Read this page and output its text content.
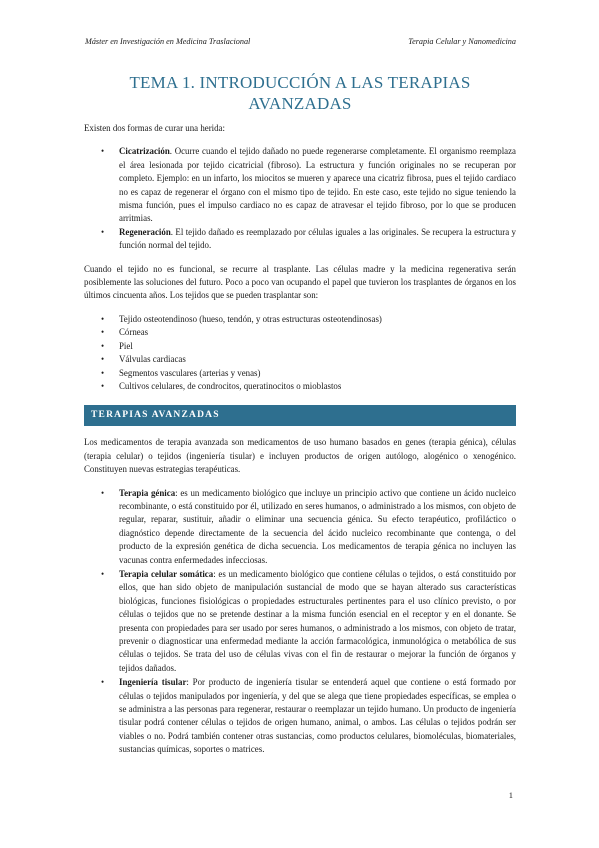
Máster en Investigación en Medicina Traslacional	Terapia Celular y Nanomedicina
TEMA 1. INTRODUCCIÓN A LAS TERAPIAS AVANZADAS

Existen dos formas de curar una herida:

• Cicatrización. Ocurre cuando el tejido dañado no puede regenerarse completamente. El organismo reemplaza el área lesionada por tejido cicatricial (fibroso). La estructura y función originales no se recuperan por completo. Ejemplo: en un infarto, los miocitos se mueren y aparece una cicatriz fibrosa, pues el tejido cardiaco no es capaz de regenerar el órgano con el mismo tipo de tejido. En este caso, este tejido no sigue teniendo la misma función, pues el impulso cardiaco no es capaz de atravesar el tejido fibroso, por lo que se producen arritmias.
• Regeneración. El tejido dañado es reemplazado por células iguales a las originales. Se recupera la estructura y función normal del tejido.

Cuando el tejido no es funcional, se recurre al trasplante. Las células madre y la medicina regenerativa serán posiblemente las soluciones del futuro. Poco a poco van ocupando el papel que tuvieron los trasplantes de órganos en los últimos cincuenta años. Los tejidos que se pueden trasplantar son:

• Tejido osteotendinoso (hueso, tendón, y otras estructuras osteotendinosas)
• Córneas
• Piel
• Válvulas cardiacas
• Segmentos vasculares (arterias y venas)
• Cultivos celulares, de condrocitos, queratinocitos o mioblastos
TERAPIAS AVANZADAS

Los medicamentos de terapia avanzada son medicamentos de uso humano basados en genes (terapia génica), células (terapia celular) o tejidos (ingeniería tisular) e incluyen productos de origen autólogo, alogénico o xenogénico. Constituyen nuevas estrategias terapéuticas.

• Terapia génica: es un medicamento biológico que incluye un principio activo que contiene un ácido nucleico recombinante, o está constituido por él, utilizado en seres humanos, o administrado a los mismos, con objeto de regular, reparar, sustituir, añadir o eliminar una secuencia génica. Su efecto terapéutico, profiláctico o diagnóstico depende directamente de la secuencia del ácido nucleico recombinante que contenga, o del producto de la expresión genética de dicha secuencia. Los medicamentos de terapia génica no incluyen las vacunas contra enfermedades infecciosas.
• Terapia celular somática: es un medicamento biológico que contiene células o tejidos, o está constituido por ellos, que han sido objeto de manipulación sustancial de modo que se hayan alterado sus características biológicas, funciones fisiológicas o propiedades estructurales pertinentes para el uso clínico previsto, o por células o tejidos que no se pretende destinar a la misma función esencial en el receptor y en el donante. Se presenta con propiedades para ser usado por seres humanos, o administrado a los mismos, con objeto de tratar, prevenir o diagnosticar una enfermedad mediante la acción farmacológica, inmunológica o metabólica de sus células o tejidos. Se trata del uso de células vivas con el fin de restaurar o mejorar la función de órganos y tejidos dañados.
• Ingeniería tisular: Por producto de ingeniería tisular se entenderá aquel que contiene o está formado por células o tejidos manipulados por ingeniería, y del que se alega que tiene propiedades específicas, se emplea o se administra a las personas para regenerar, restaurar o reemplazar un tejido humano. Un producto de ingeniería tisular podrá contener células o tejidos de origen humano, animal, o ambos. Las células o tejidos podrán ser viables o no. Podrá también contener otras sustancias, como productos celulares, biomoléculas, biomateriales, sustancias químicas, soportes o matrices.
1
